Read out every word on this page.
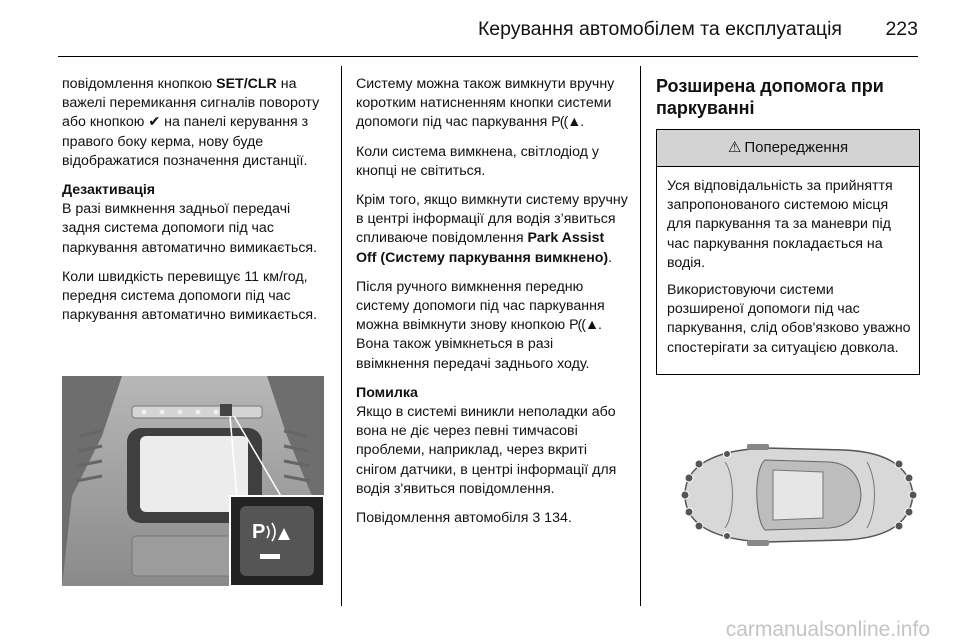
Керування автомобілем та експлуатація 223

повідомлення кнопкою SET/CLR на важелі перемикання сигналів повороту або кнопкою ✔ на панелі керування з правого боку керма, нову буде відображатися позначення дистанції.

Дезактивація

В разі вимкнення задньої передачі задня система допомоги під час паркування автоматично вимикається.

Коли швидкість перевищує 11 км/год, передня система допомоги під час паркування автоматично вимикається.

P

Систему можна також вимкнути вручну коротким натисненням кнопки системи допомоги під час паркування P((▲.

Коли система вимкнена, світлодіод у кнопці не світиться.

Крім того, якщо вимкнути систему вручну в центрі інформації для водія з’явиться спливаюче повідомлення Park Assist Off (Систему паркування вимкнено).

Після ручного вимкнення передню систему допомоги під час паркування можна ввімкнути знову кнопкою P((▲. Вона також увімкнеться в разі ввімкнення передачі заднього ходу.

Помилка

Якщо в системі виникли неполадки або вона не діє через певні тимчасові проблеми, наприклад, через вкриті снігом датчики, в центрі інформації для водія з'явиться повідомлення.

Повідомлення автомобіля 3 134.

Розширена допомога при паркуванні
⚠ Попередження

Уся відповідальність за прийняття запропонованого системою місця для паркування та за маневри під час паркування покладається на водія.

Використовуючи системи розширеної допомоги під час паркування, слід обов'язково уважно спостерігати за ситуацією довкола.

carmanualsonline.info
